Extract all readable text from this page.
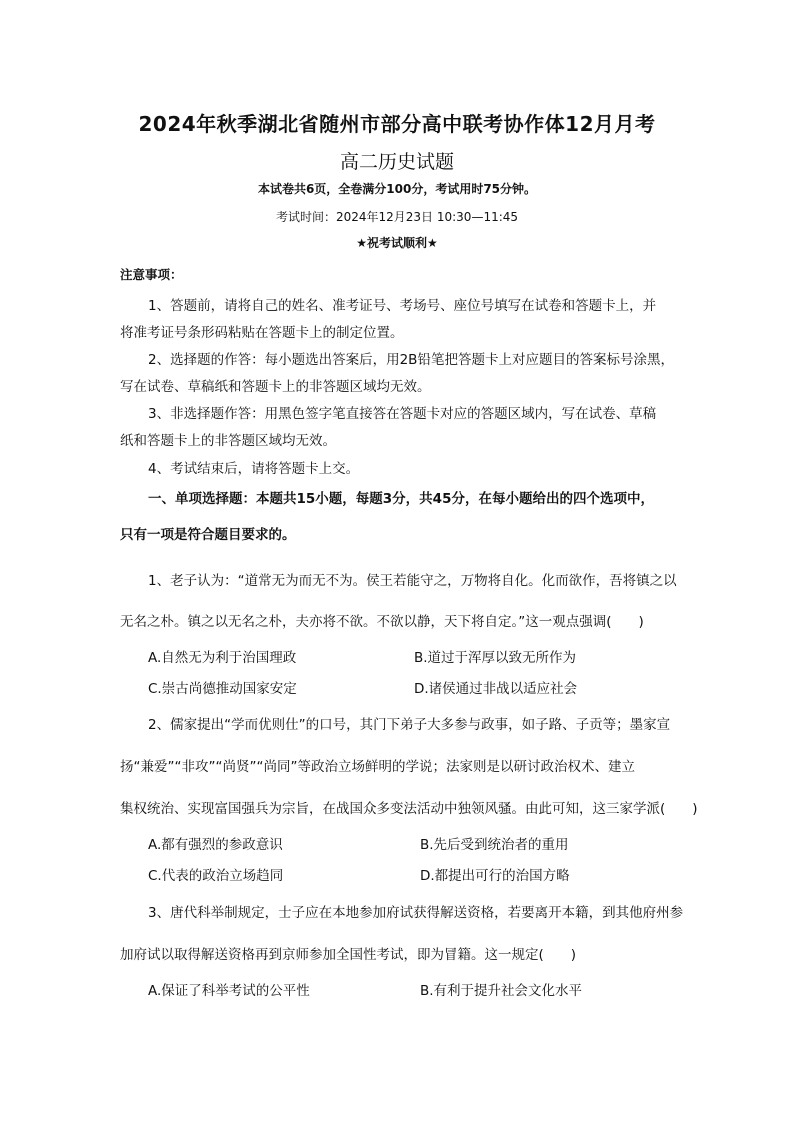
2024年秋季湖北省随州市部分高中联考协作体12月月考
高二历史试题
本试卷共6页，全卷满分100分，考试用时75分钟。
考试时间：2024年12月23日 10:30—11:45
★祝考试顺利★
注意事项：
1、答题前，请将自己的姓名、准考证号、考场号、座位号填写在试卷和答题卡上，并
将准考证号条形码粘贴在答题卡上的制定位置。
2、选择题的作答：每小题选出答案后，用2B铅笔把答题卡上对应题目的答案标号涂黑，
写在试卷、草稿纸和答题卡上的非答题区域均无效。
3、非选择题作答：用黑色签字笔直接答在答题卡对应的答题区域内，写在试卷、草稿
纸和答题卡上的非答题区域均无效。
4、考试结束后，请将答题卡上交。
一、单项选择题：本题共15小题，每题3分，共45分，在每小题给出的四个选项中，
只有一项是符合题目要求的。
1、老子认为：“道常无为而无不为。侯王若能守之，万物将自化。化而欲作，吾将镇之以
无名之朴。镇之以无名之朴，夫亦将不欲。不欲以静，天下将自定。”这一观点强调(　　)
A.自然无为利于治国理政	B.道过于浑厚以致无所作为
C.崇古尚德推动国家安定	D.诸侯通过非战以适应社会
2、儒家提出“学而优则仕”的口号，其门下弟子大多参与政事，如子路、子贡等；墨家宣
扬“兼爱”“非攻”“尚贤”“尚同”等政治立场鲜明的学说；法家则是以研讨政治权术、建立
集权统治、实现富国强兵为宗旨，在战国众多变法活动中独领风骚。由此可知，这三家学派(　　)
A.都有强烈的参政意识	B.先后受到统治者的重用
C.代表的政治立场趋同	D.都提出可行的治国方略
3、唐代科举制规定，士子应在本地参加府试获得解送资格，若要离开本籍，到其他府州参
加府试以取得解送资格再到京师参加全国性考试，即为冒籍。这一规定(　　)
A.保证了科举考试的公平性	B.有利于提升社会文化水平
